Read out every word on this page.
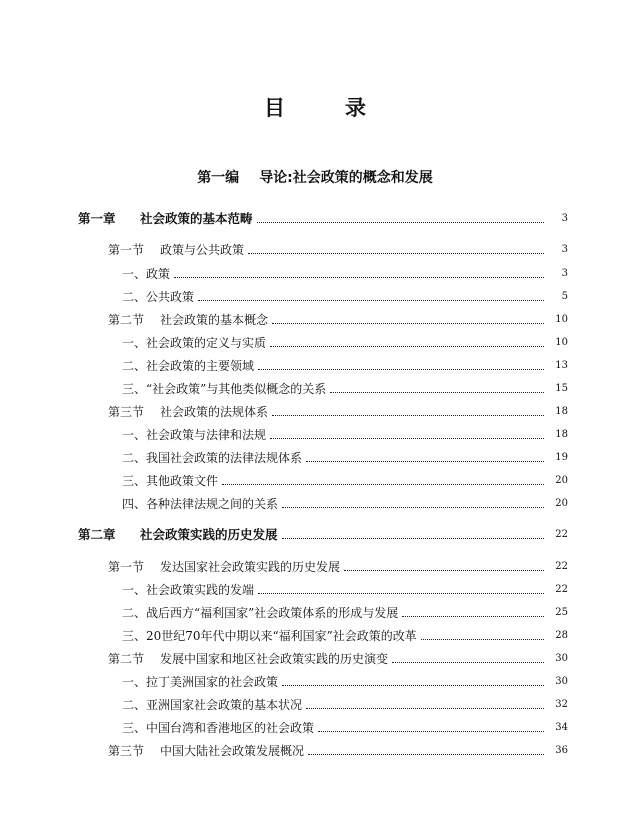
目	录
第一编 导论:社会政策的概念和发展
第一章 社会政策的基本范畴	3
第一节 政策与公共政策	3
一、政策	3
二、公共政策	5
第二节 社会政策的基本概念	10
一、社会政策的定义与实质	10
二、社会政策的主要领域	13
三、“社会政策”与其他类似概念的关系	15
第三节 社会政策的法规体系	18
一、社会政策与法律和法规	18
二、我国社会政策的法律法规体系	19
三、其他政策文件	20
四、各种法律法规之间的关系	20
第二章 社会政策实践的历史发展	22
第一节 发达国家社会政策实践的历史发展	22
一、社会政策实践的发端	22
二、战后西方“福利国家”社会政策体系的形成与发展	25
三、20世纪70年代中期以来“福利国家”社会政策的改革	28
第二节 发展中国家和地区社会政策实践的历史演变	30
一、拉丁美洲国家的社会政策	30
二、亚洲国家社会政策的基本状况	32
三、中国台湾和香港地区的社会政策	34
第三节 中国大陆社会政策发展概况	36
